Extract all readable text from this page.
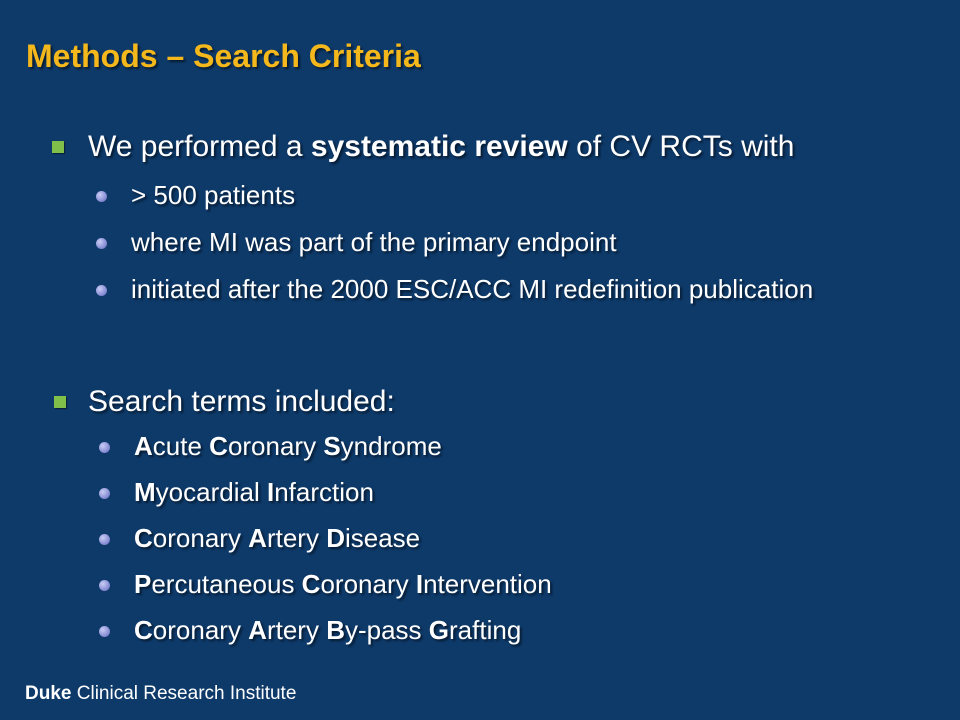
Methods – Search Criteria
We performed a systematic review of CV RCTs with
> 500 patients
where MI was part of the primary endpoint
initiated after the 2000 ESC/ACC MI redefinition publication
Search terms included:
Acute Coronary Syndrome
Myocardial Infarction
Coronary Artery Disease
Percutaneous Coronary Intervention
Coronary Artery By-pass Grafting
Duke Clinical Research Institute
